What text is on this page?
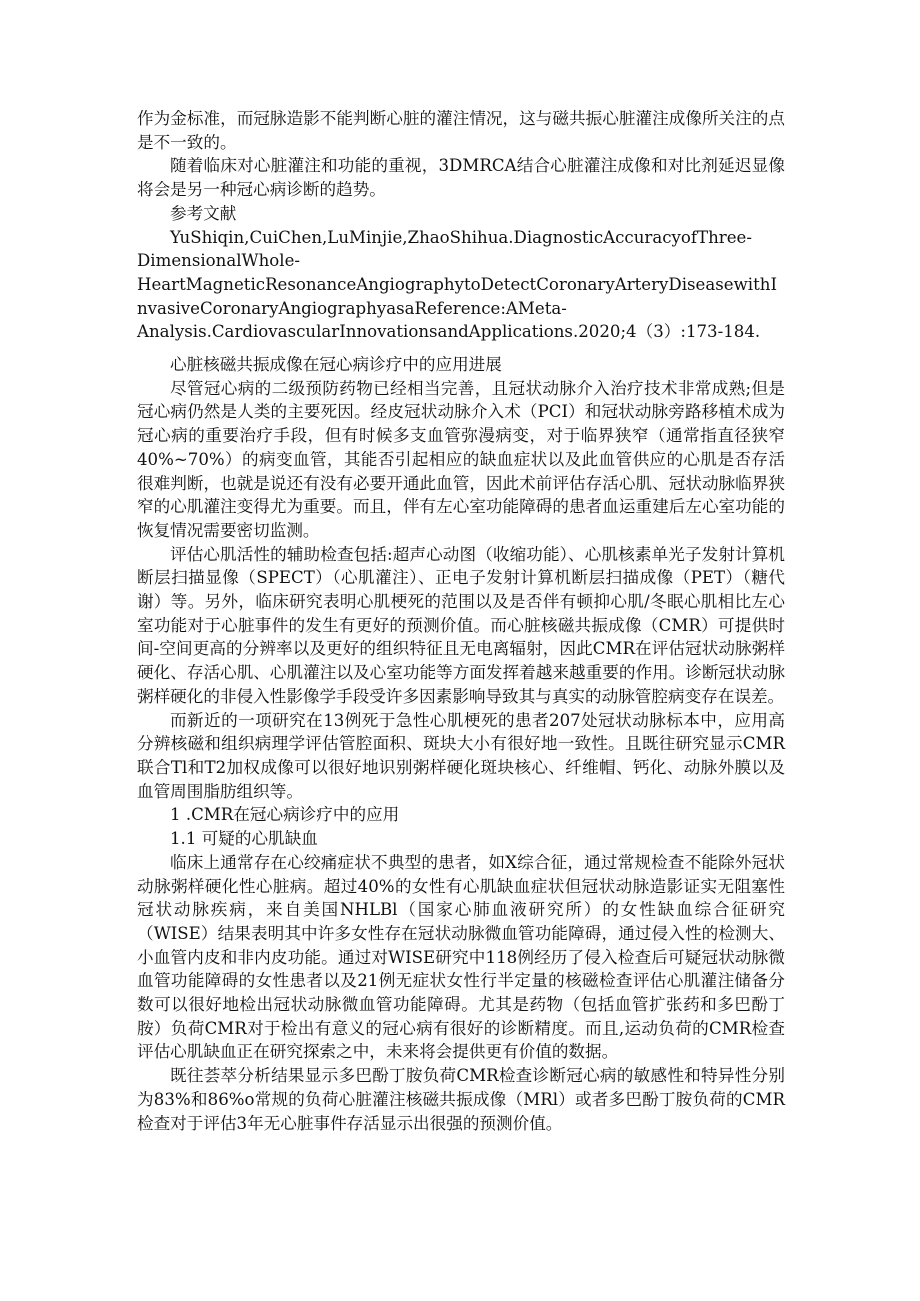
作为金标准，而冠脉造影不能判断心脏的灌注情况，这与磁共振心脏灌注成像所关注的点是不一致的。

随着临床对心脏灌注和功能的重视，3DMRCA结合心脏灌注成像和对比剂延迟显像将会是另一种冠心病诊断的趋势。

参考文献

YuShiqin,CuiChen,LuMinjie,ZhaoShihua.DiagnosticAccuracyofThree-

DimensionalWhole-

HeartMagneticResonanceAngiographytoDetectCoronaryArteryDiseasewithInvasiveCoronaryAngiographyasaReference:AMeta-

Analysis.CardiovascularInnovationsandApplications.2020;4（3）:173-184.

心脏核磁共振成像在冠心病诊疗中的应用进展

尽管冠心病的二级预防药物已经相当完善，且冠状动脉介入治疗技术非常成熟;但是冠心病仍然是人类的主要死因。经皮冠状动脉介入术（PCI）和冠状动脉旁路移植术成为冠心病的重要治疗手段，但有时候多支血管弥漫病变，对于临界狭窄（通常指直径狭窄40%~70%）的病变血管，其能否引起相应的缺血症状以及此血管供应的心肌是否存活很难判断，也就是说还有没有必要开通此血管，因此术前评估存活心肌、冠状动脉临界狭窄的心肌灌注变得尤为重要。而且，伴有左心室功能障碍的患者血运重建后左心室功能的恢复情况需要密切监测。

评估心肌活性的辅助检查包括:超声心动图（收缩功能）、心肌核素单光子发射计算机断层扫描显像（SPECT）（心肌灌注）、正电子发射计算机断层扫描成像（PET）（糖代谢）等。另外，临床研究表明心肌梗死的范围以及是否伴有顿抑心肌/冬眠心肌相比左心室功能对于心脏事件的发生有更好的预测价值。而心脏核磁共振成像（CMR）可提供时间-空间更高的分辨率以及更好的组织特征且无电离辐射，因此CMR在评估冠状动脉粥样硬化、存活心肌、心肌灌注以及心室功能等方面发挥着越来越重要的作用。诊断冠状动脉粥样硬化的非侵入性影像学手段受许多因素影响导致其与真实的动脉管腔病变存在误差。

而新近的一项研究在13例死于急性心肌梗死的患者207处冠状动脉标本中，应用高分辨核磁和组织病理学评估管腔面积、斑块大小有很好地一致性。且既往研究显示CMR联合Tl和T2加权成像可以很好地识别粥样硬化斑块核心、纤维帽、钙化、动脉外膜以及血管周围脂肪组织等。

1 .CMR在冠心病诊疗中的应用

1.1 可疑的心肌缺血

临床上通常存在心绞痛症状不典型的患者，如X综合征，通过常规检查不能除外冠状动脉粥样硬化性心脏病。超过40%的女性有心肌缺血症状但冠状动脉造影证实无阻塞性冠状动脉疾病，来自美国NHLBl（国家心肺血液研究所）的女性缺血综合征研究（WISE）结果表明其中许多女性存在冠状动脉微血管功能障碍，通过侵入性的检测大、小血管内皮和非内皮功能。通过对WISE研究中118例经历了侵入检查后可疑冠状动脉微血管功能障碍的女性患者以及21例无症状女性行半定量的核磁检查评估心肌灌注储备分数可以很好地检出冠状动脉微血管功能障碍。尤其是药物（包括血管扩张药和多巴酚丁胺）负荷CMR对于检出有意义的冠心病有很好的诊断精度。而且,运动负荷的CMR检查评估心肌缺血正在研究探索之中，未来将会提供更有价值的数据。

既往荟萃分析结果显示多巴酚丁胺负荷CMR检查诊断冠心病的敏感性和特异性分别为83%和86%o常规的负荷心脏灌注核磁共振成像（MRl）或者多巴酚丁胺负荷的CMR检查对于评估3年无心脏事件存活显示出很强的预测价值。
